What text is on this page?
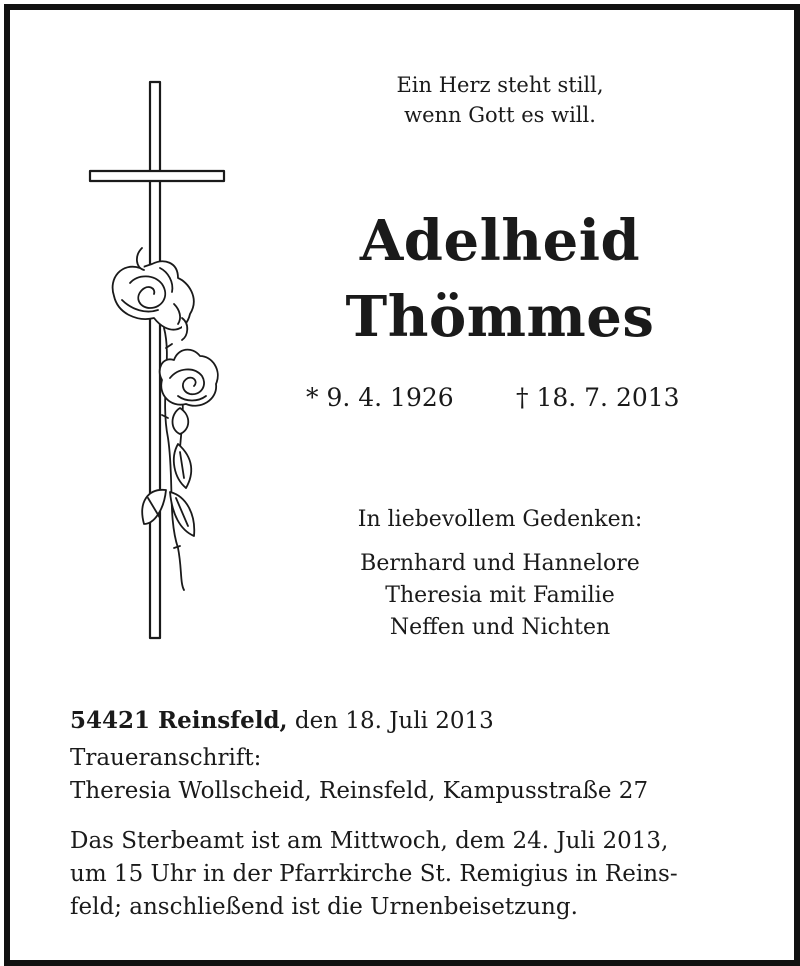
Ein Herz steht still,
wenn Gott es will.
Adelheid
Thömmes
* 9. 4. 1926 † 18. 7. 2013
In liebevollem Gedenken:
Bernhard und Hannelore
Theresia mit Familie
Neffen und Nichten
54421 Reinsfeld, den 18. Juli 2013
Traueranschrift:
Theresia Wollscheid, Reinsfeld, Kampusstraße 27
Das Sterbeamt ist am Mittwoch, dem 24. Juli 2013,
um 15 Uhr in der Pfarrkirche St. Remigius in Reins-
feld; anschließend ist die Urnenbeisetzung.
